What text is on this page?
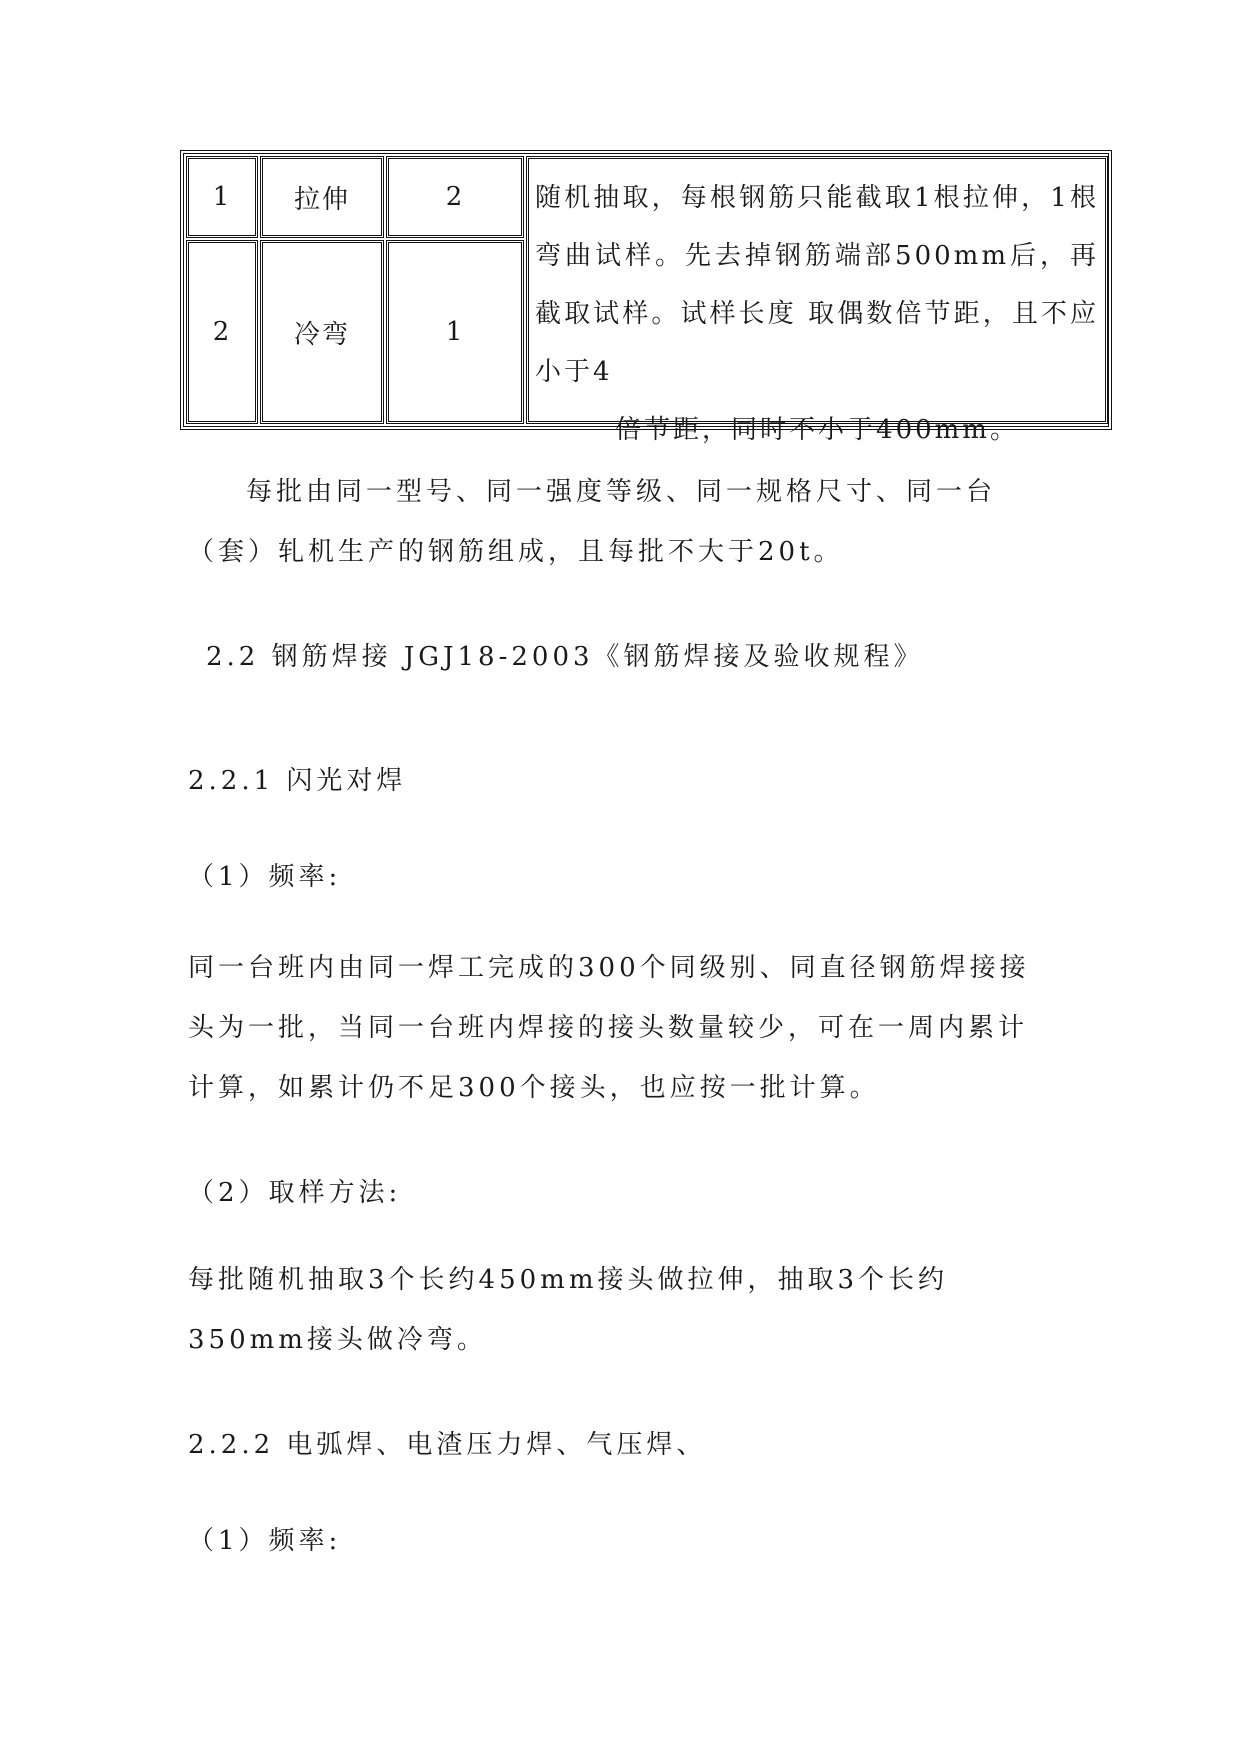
1	拉伸	2
2	冷弯	1
随机抽取，每根钢筋只能截取1根拉伸，1根弯曲试样。先去掉钢筋端部500mm后，再截取试样。试样长度 取偶数倍节距，且不应小于4
倍节距，同时不小于400mm。

每批由同一型号、同一强度等级、同一规格尺寸、同一台（套）轧机生产的钢筋组成，且每批不大于20t。

2.2 钢筋焊接 JGJ18-2003《钢筋焊接及验收规程》

2.2.1 闪光对焊

（1）频率:

同一台班内由同一焊工完成的300个同级别、同直径钢筋焊接接头为一批，当同一台班内焊接的接头数量较少，可在一周内累计计算，如累计仍不足300个接头，也应按一批计算。

（2）取样方法:

每批随机抽取3个长约450mm接头做拉伸，抽取3个长约350mm接头做冷弯。

2.2.2 电弧焊、电渣压力焊、气压焊、

（1）频率:
